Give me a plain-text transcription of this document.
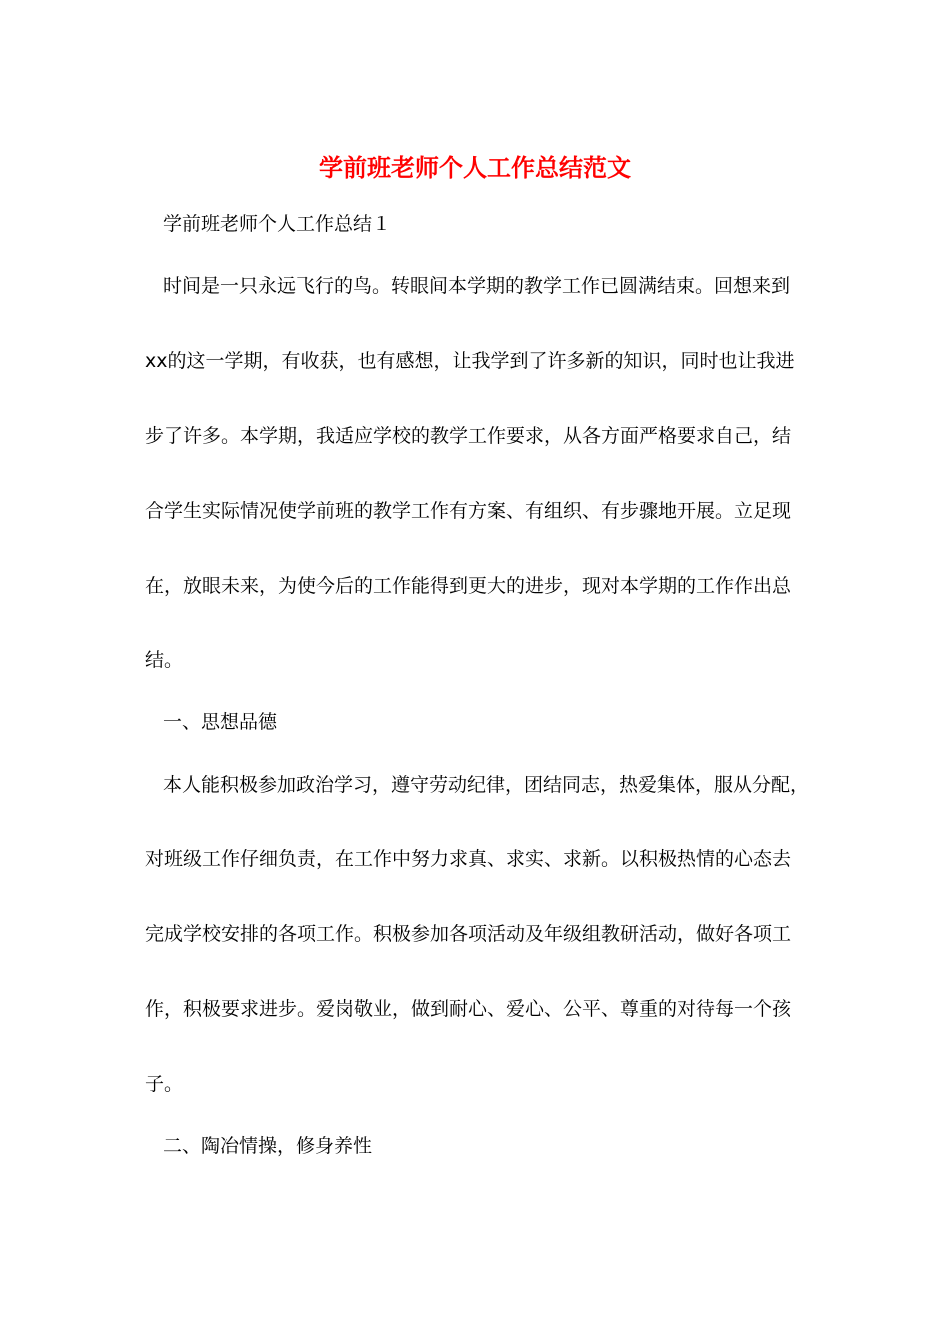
学前班老师个人工作总结范文
学前班老师个人工作总结１
时间是一只永远飞行的鸟。转眼间本学期的教学工作已圆满结束。回想来到
xx的这一学期，有收获，也有感想，让我学到了许多新的知识，同时也让我进
步了许多。本学期，我适应学校的教学工作要求，从各方面严格要求自己，结
合学生实际情况使学前班的教学工作有方案、有组织、有步骤地开展。立足现
在，放眼未来，为使今后的工作能得到更大的进步，现对本学期的工作作出总
结。
一、思想品德
本人能积极参加政治学习，遵守劳动纪律，团结同志，热爱集体，服从分配，
对班级工作仔细负责，在工作中努力求真、求实、求新。以积极热情的心态去
完成学校安排的各项工作。积极参加各项活动及年级组教研活动，做好各项工
作，积极要求进步。爱岗敬业，做到耐心、爱心、公平、尊重的对待每一个孩
子。
二、陶冶情操，修身养性
